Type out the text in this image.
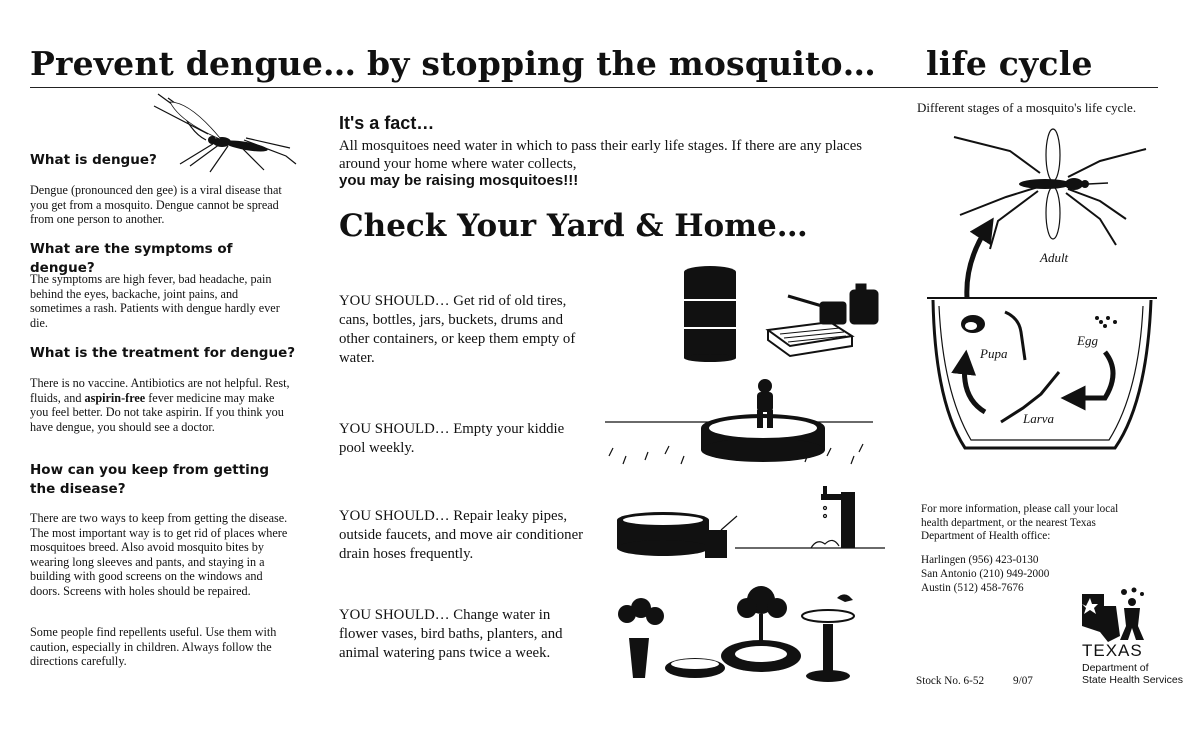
Prevent dengue… by stopping the mosquito… life cycle
What is dengue?
Dengue (pronounced den gee) is a viral disease that you get from a mosquito. Dengue cannot be spread from one person to another.
What are the symptoms of dengue?
The symptoms are high fever, bad headache, pain behind the eyes, backache, joint pains, and sometimes a rash. Patients with dengue hardly ever die.
What is the treatment for dengue?
There is no vaccine. Antibiotics are not helpful. Rest, fluids, and aspirin-free fever medicine may make you feel better. Do not take aspirin. If you think you have dengue, you should see a doctor.
How can you keep from getting the disease?
There are two ways to keep from getting the disease. The most important way is to get rid of places where mosquitoes breed. Also avoid mosquito bites by wearing long sleeves and pants, and staying in a building with good screens on the windows and doors. Screens with holes should be repaired.
Some people find repellents useful. Use them with caution, especially in children. Always follow the directions carefully.
It's a fact…
All mosquitoes need water in which to pass their early life stages. If there are any places around your home where water collects,
you may be raising mosquitoes!!!
Check Your Yard & Home…
YOU SHOULD… Get rid of old tires, cans, bottles, jars, buckets, drums and other containers, or keep them empty of water.
YOU SHOULD… Empty your kiddie pool weekly.
YOU SHOULD… Repair leaky pipes, outside faucets, and move air conditioner drain hoses frequently.
YOU SHOULD… Change water in flower vases, bird baths, planters, and animal watering pans twice a week.
Different stages of a mosquito's life cycle.
Adult
Egg
Pupa
Larva
For more information, please call your local health department, or the nearest Texas Department of Health office:
Harlingen (956) 423-0130
San Antonio (210) 949-2000
Austin (512) 458-7676
Stock No. 6-52	9/07
TEXAS
Department of
State Health Services
